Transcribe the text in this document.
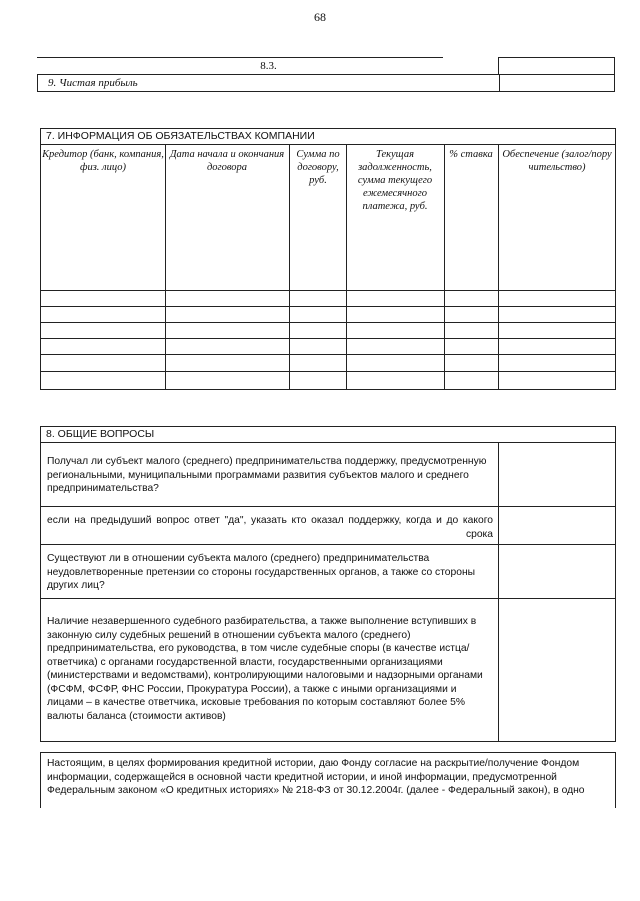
68
8.3.
9. Чистая прибыль
7. ИНФОРМАЦИЯ ОБ ОБЯЗАТЕЛЬСТВАХ КОМПАНИИ
Кредитор (банк, компания, физ. лицо)
Дата начала и окончания договора
Сумма по договору, руб.
Текущая задолженность, сумма текущего ежемесячного платежа, руб.
% ставка Обеспечение (залог/поручительство)
8. ОБЩИЕ ВОПРОСЫ
Получал ли субъект малого (среднего) предпринимательства поддержку, предусмотренную региональными, муниципальными программами развития субъектов малого и среднего предпринимательства?
если на предыдуший вопрос ответ "да", указать кто оказал поддержку, когда и до какого срока
Существуют ли в отношении субъекта малого (среднего) предпринимательства неудовлетворенные претензии со стороны государственных органов, а также со стороны других лиц?
Наличие незавершенного судебного разбирательства, а также выполнение вступивших в законную силу судебных решений в отношении субъекта малого (среднего) предпринимательства, его руководства, в том числе судебные споры (в качестве истца/ответчика) с органами государственной власти, государственными организациями (министерствами и ведомствами), контролирующими налоговыми и надзорными органами (ФСФМ, ФСФР, ФНС России, Прокуратура России), а также с иными организациями и лицами – в качестве ответчика, исковые требования по которым составляют более 5% валюты баланса (стоимости активов)
Настоящим, в целях формирования кредитной истории, даю Фонду согласие на раскрытие/получение Фондом информации, содержащейся в основной части кредитной истории, и иной информации, предусмотренной Федеральным законом «О кредитных историях» № 218-ФЗ от 30.12.2004г. (далее - Федеральный закон), в одно
